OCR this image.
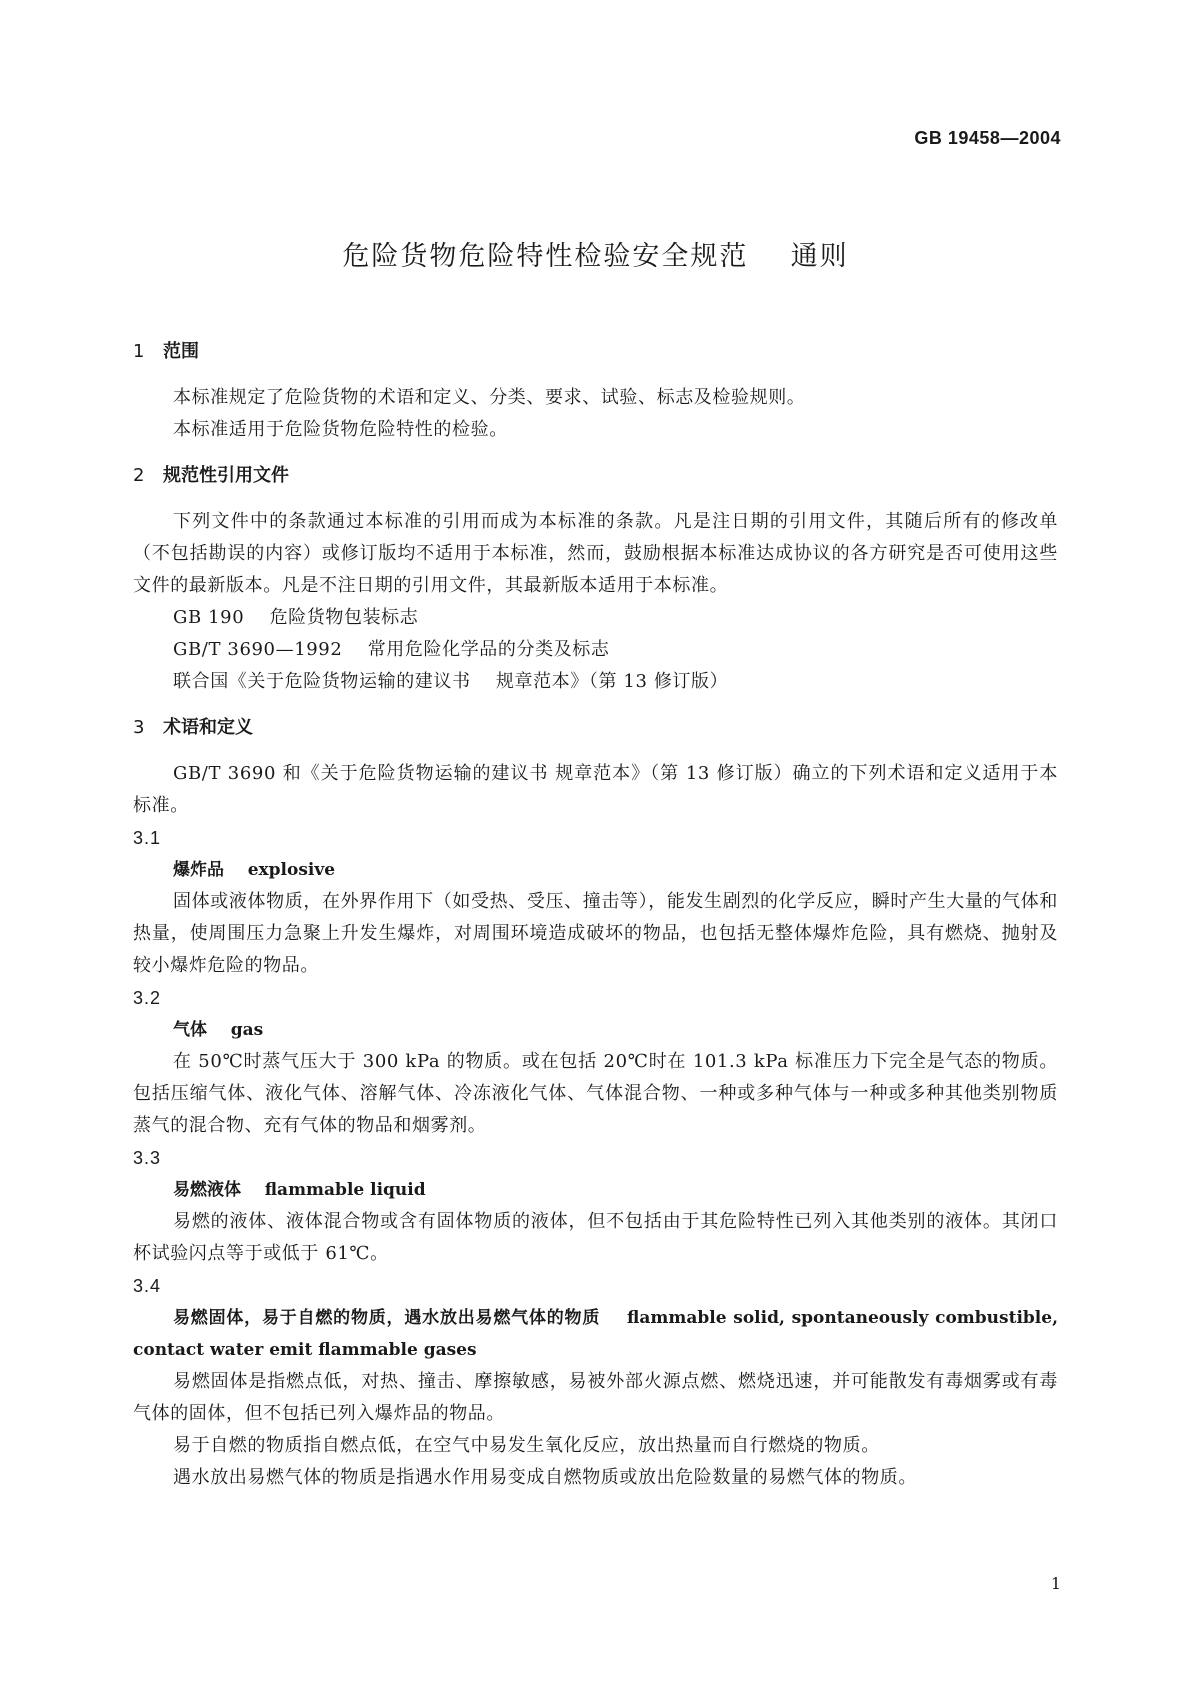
GB 19458—2004
危险货物危险特性检验安全规范    通则
1 范围

本标准规定了危险货物的术语和定义、分类、要求、试验、标志及检验规则。

本标准适用于危险货物危险特性的检验。

2 规范性引用文件

下列文件中的条款通过本标准的引用而成为本标准的条款。凡是注日期的引用文件，其随后所有的修改单（不包括勘误的内容）或修订版均不适用于本标准，然而，鼓励根据本标准达成协议的各方研究是否可使用这些文件的最新版本。凡是不注日期的引用文件，其最新版本适用于本标准。

GB 190    危险货物包装标志
GB/T 3690—1992    常用危险化学品的分类及标志
联合国《关于危险货物运输的建议书    规章范本》（第 13 修订版）
3 术语和定义

GB/T 3690 和《关于危险货物运输的建议书 规章范本》（第 13 修订版）确立的下列术语和定义适用于本标准。

3.1
爆炸品 explosive

固体或液体物质，在外界作用下（如受热、受压、撞击等），能发生剧烈的化学反应，瞬时产生大量的气体和热量，使周围压力急聚上升发生爆炸，对周围环境造成破坏的物品，也包括无整体爆炸危险，具有燃烧、抛射及较小爆炸危险的物品。

3.2
气体 gas

在 50℃时蒸气压大于 300 kPa 的物质。或在包括 20℃时在 101.3 kPa 标准压力下完全是气态的物质。包括压缩气体、液化气体、溶解气体、冷冻液化气体、气体混合物、一种或多种气体与一种或多种其他类别物质蒸气的混合物、充有气体的物品和烟雾剂。

3.3
易燃液体 flammable liquid

易燃的液体、液体混合物或含有固体物质的液体，但不包括由于其危险特性已列入其他类别的液体。其闭口杯试验闪点等于或低于 61℃。

3.4
易燃固体，易于自燃的物质，遇水放出易燃气体的物质 flammable solid, spontaneously combustible, contact water emit flammable gases

易燃固体是指燃点低，对热、撞击、摩擦敏感，易被外部火源点燃、燃烧迅速，并可能散发有毒烟雾或有毒气体的固体，但不包括已列入爆炸品的物品。

易于自燃的物质指自燃点低，在空气中易发生氧化反应，放出热量而自行燃烧的物质。

遇水放出易燃气体的物质是指遇水作用易变成自燃物质或放出危险数量的易燃气体的物质。

1
